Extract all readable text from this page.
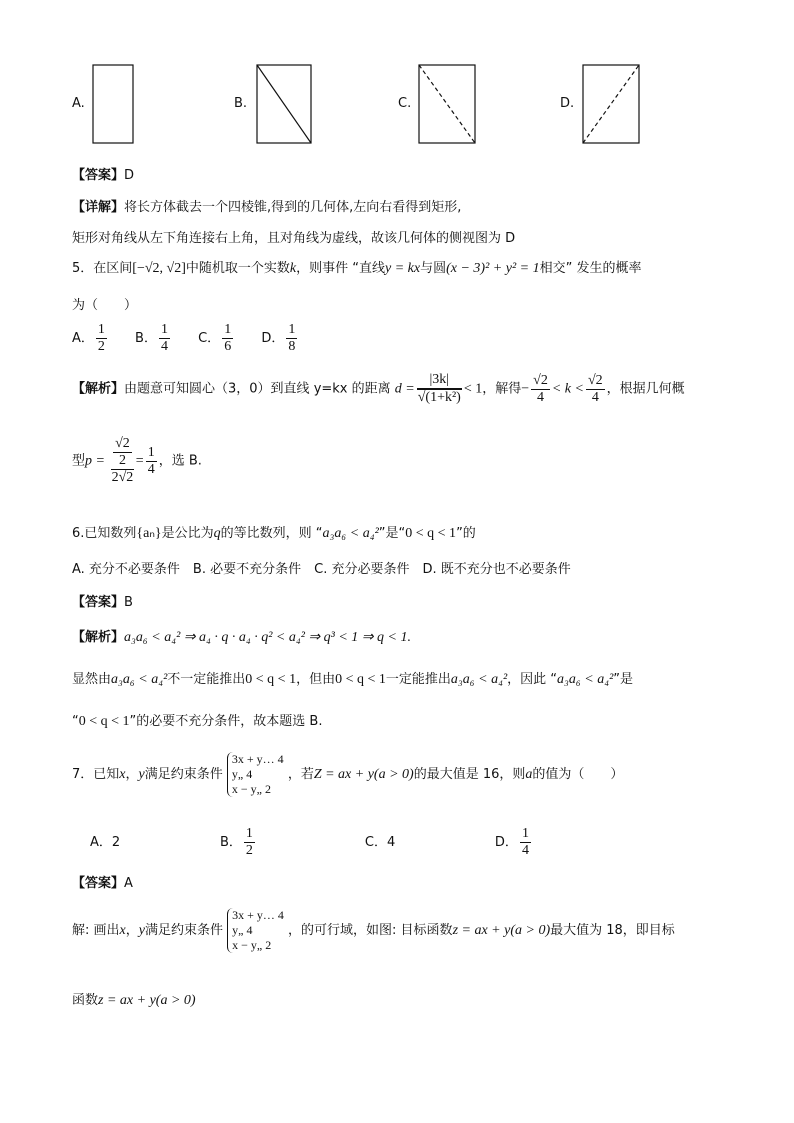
A.	B.	C.	D.
【答案】D
【详解】将长方体截去一个四棱锥,得到的几何体,左向右看得到矩形,
矩形对角线从左下角连接右上角，且对角线为虚线，故该几何体的侧视图为 D
5．在区间[−√2, √2]中随机取一个实数k，则事件 “直线y = kx与圆(x − 3)² + y² = 1相交” 发生的概率
为（　　）
A． $\frac{1}{2}$ B． $\frac{1}{4}$ C． $\frac{1}{6}$ D． $\frac{1}{8}$
【解析】由题意可知圆心（3，0）到直线 y=kx 的距离 $d = \frac{|3k|}{\text{√(1+k²)}} < 1$，解得− $\frac{√2}{4} < k < \frac{√2}{4}$ ，根据几何概
型$p = \frac{\frac{√2}{2}}{2√2} = \frac{1}{4}$ ，选 B.
6.已知数列{aₙ}是公比为q的等比数列，则 “a₃a₆ < a₄²”是“0 < q < 1”的
A. 充分不必要条件　B. 必要不充分条件　C. 充分必要条件　D. 既不充分也不必要条件
【答案】B
【解析】a₃a₆ < a₄² ⇒ a₄ · q · a₄ · q² < a₄² ⇒ q³ < 1 ⇒ q < 1.
显然由a₃a₆ < a₄²不一定能推出0 < q < 1，但由0 < q < 1一定能推出a₃a₆ < a₄²，因此 “a₃a₆ < a₄²”是
“0 < q < 1”的必要不充分条件，故本题选 B.
7．已知x，y满足约束条件
3x + y… 4
y„ 4
x − y„ 2
，若Z = ax + y(a > 0)的最大值是 16，则a的值为（　　）
A．2	B． $\frac{1}{2}$	C．4	D． $\frac{1}{4}$
【答案】A
解: 画出x，y满足约束条件
3x + y… 4
y„ 4
x − y„ 2
，的可行域，如图: 目标函数z = ax + y(a > 0)最大值为 18，即目标
函数z = ax + y(a > 0)
